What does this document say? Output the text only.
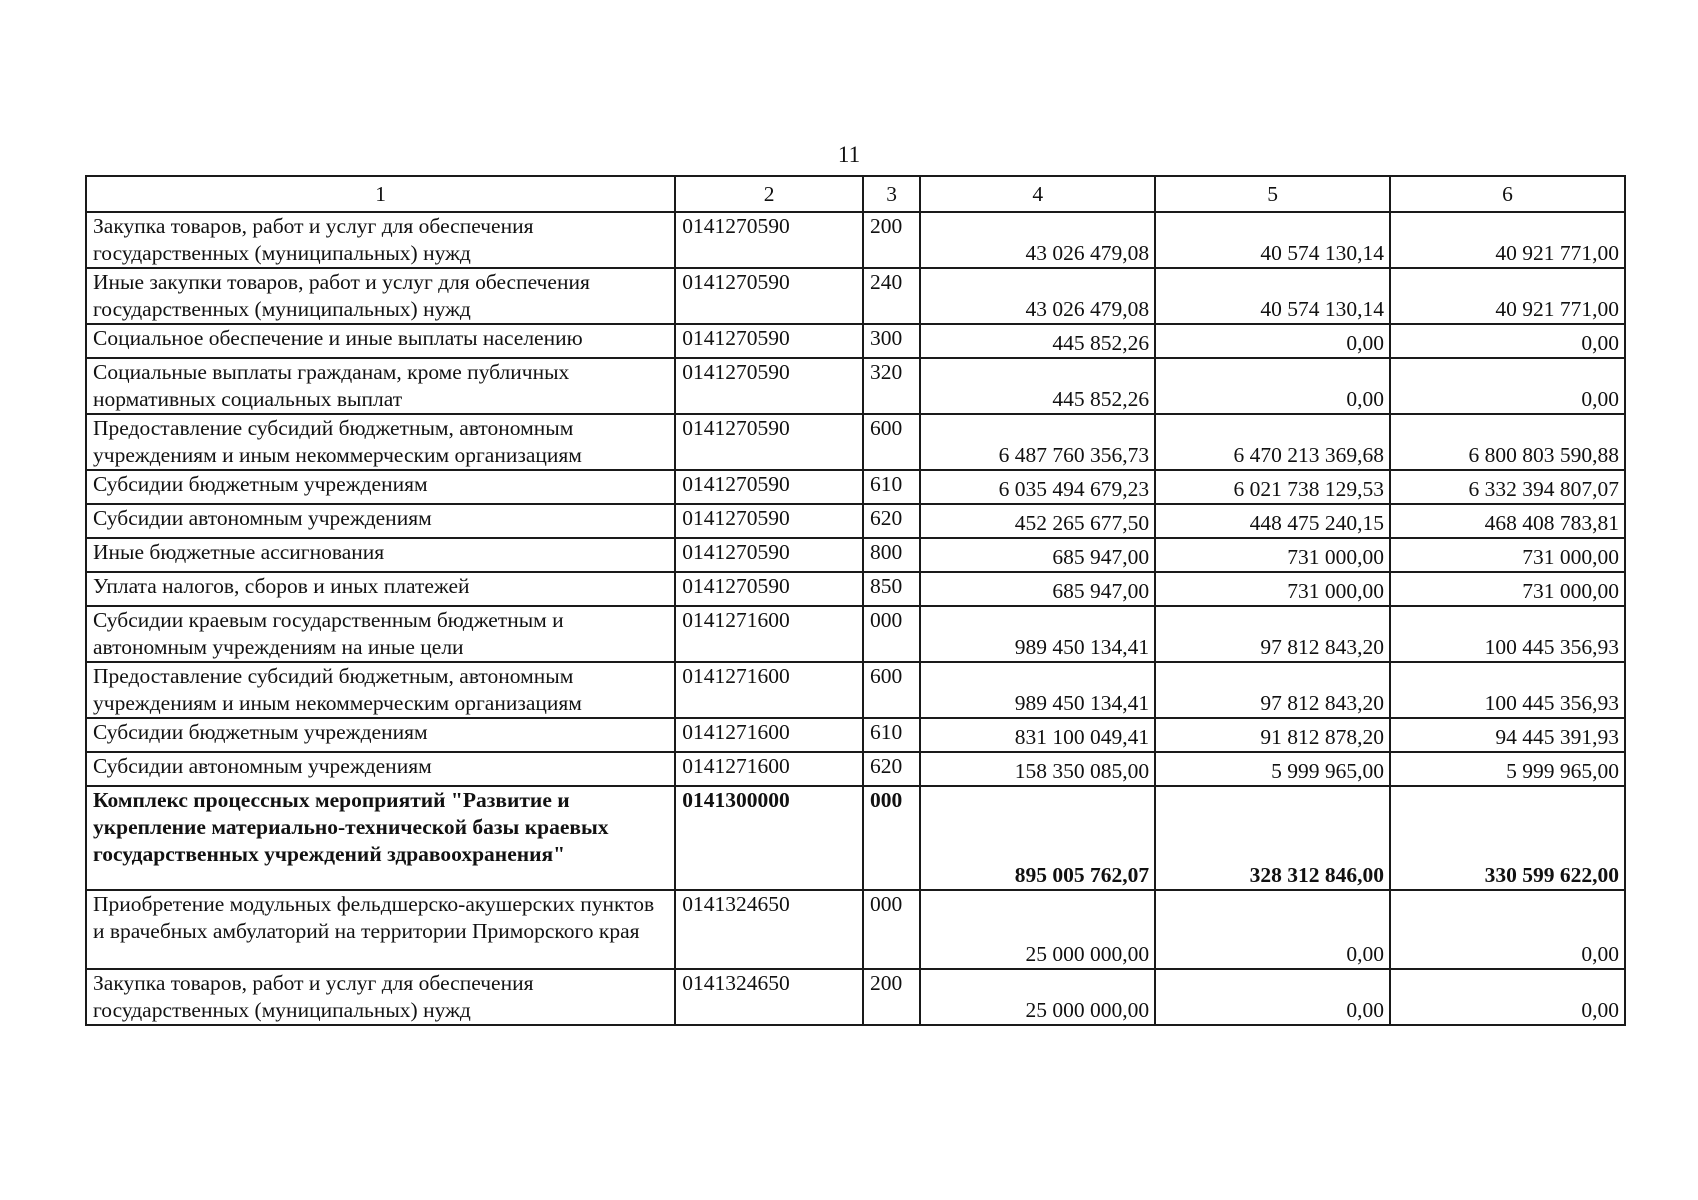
11
1	2	3	4	5	6
Закупка товаров, работ и услуг для обеспечения государственных (муниципальных) нужд	0141270590	200	43 026 479,08	40 574 130,14	40 921 771,00
Иные закупки товаров, работ и услуг для обеспечения государственных (муниципальных) нужд	0141270590	240	43 026 479,08	40 574 130,14	40 921 771,00
Социальное обеспечение и иные выплаты населению	0141270590	300	445 852,26	0,00	0,00
Социальные выплаты гражданам, кроме публичных нормативных социальных выплат	0141270590	320	445 852,26	0,00	0,00
Предоставление субсидий бюджетным, автономным учреждениям и иным некоммерческим организациям	0141270590	600	6 487 760 356,73	6 470 213 369,68	6 800 803 590,88
Субсидии бюджетным учреждениям	0141270590	610	6 035 494 679,23	6 021 738 129,53	6 332 394 807,07
Субсидии автономным учреждениям	0141270590	620	452 265 677,50	448 475 240,15	468 408 783,81
Иные бюджетные ассигнования	0141270590	800	685 947,00	731 000,00	731 000,00
Уплата налогов, сборов и иных платежей	0141270590	850	685 947,00	731 000,00	731 000,00
Субсидии краевым государственным бюджетным и автономным учреждениям на иные цели	0141271600	000	989 450 134,41	97 812 843,20	100 445 356,93
Предоставление субсидий бюджетным, автономным учреждениям и иным некоммерческим организациям	0141271600	600	989 450 134,41	97 812 843,20	100 445 356,93
Субсидии бюджетным учреждениям	0141271600	610	831 100 049,41	91 812 878,20	94 445 391,93
Субсидии автономным учреждениям	0141271600	620	158 350 085,00	5 999 965,00	5 999 965,00
Комплекс процессных мероприятий "Развитие и укрепление материально-технической базы краевых государственных учреждений здравоохранения"	0141300000	000	895 005 762,07	328 312 846,00	330 599 622,00
Приобретение модульных фельдшерско-акушерских пунктов и врачебных амбулаторий на территории Приморского края	0141324650	000	25 000 000,00	0,00	0,00
Закупка товаров, работ и услуг для обеспечения государственных (муниципальных) нужд	0141324650	200	25 000 000,00	0,00	0,00
